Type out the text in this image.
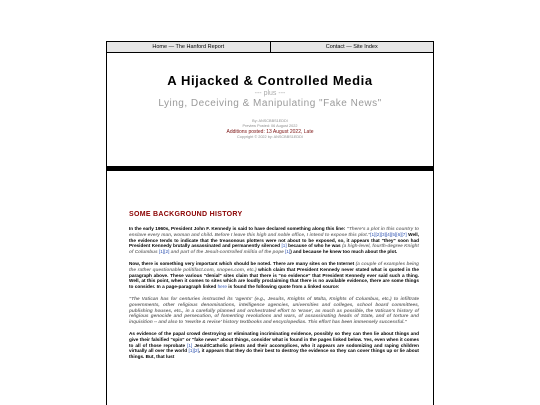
Home — The Hanford Report	Contact — Site Index
A Hijacked & Controlled Media
--- plus ---
Lying, Deceiving & Manipulating "Fake News"
By: ANSCBBS1EDDI
Preview Posted: 06 August 2022
Additions posted: 13 August 2022, Late
Copyright © 2022 by: ANSCBBS1EDDI
SOME BACKGROUND HISTORY

In the early 1960s, President John F. Kennedy is said to have declared something along this line: "There's a plot in this country to enslave every man, woman and child. Before I leave this high and noble office, I intend to expose this plot."[1][2][3][4][5][6][7] Well, the evidence tends to indicate that the treasonous plotters were not about to be exposed, so, it appears that "they" soon had President Kennedy brutally assassinated and permanently silenced [1] because of who he was (a high-level, fourth-degree Knight of Columbus [1][2] and part of the Jesuit-controlled militia of the pope [1]) and because he knew too much about the plot.

Now, there is something very important which should be noted. There are many sites on the Internet (a couple of examples being the rather questionable politifact.com, snopes.com, etc.) which claim that President Kennedy never stated what is quoted in the paragraph above. These various "denial" sites claim that there is "no evidence" that President Kennedy ever said such a thing. Well, at this point, when it comes to sites which are loudly proclaiming that there is no available evidence, there are some things to consider. In a page-paragraph linked here is found the following quote from a linked source:

"The Vatican has for centuries instructed its 'agents' (e.g., Jesuits, Knights of Malta, Knights of Columbus, etc.) to infiltrate governments, other religious denominations, intelligence agencies, universities and colleges, school board committees, publishing houses, etc., in a carefully planned and orchestrated effort to 'erase', as much as possible, the Vatican's history of religious genocide and persecution, of fomenting revolutions and wars, of assassinating heads of State, and of torture and inquisition -- and also to 'rewrite & revise' history textbooks and encyclopedias. This effort has been immensely successful."

As evidence of the papal crowd destroying or eliminating incriminating evidence, possibly so they can then lie about things and give their falsified "spin" or "fake news" about things, consider what is found in the pages linked below. Yes, even when it comes to all of those reprobate [1] Jesuit/Catholic priests and their accomplices, who it appears are sodomizing and raping children virtually all over the world [1][2], it appears that they do their best to destroy the evidence so they can cover things up or lie about things. But, that lust
